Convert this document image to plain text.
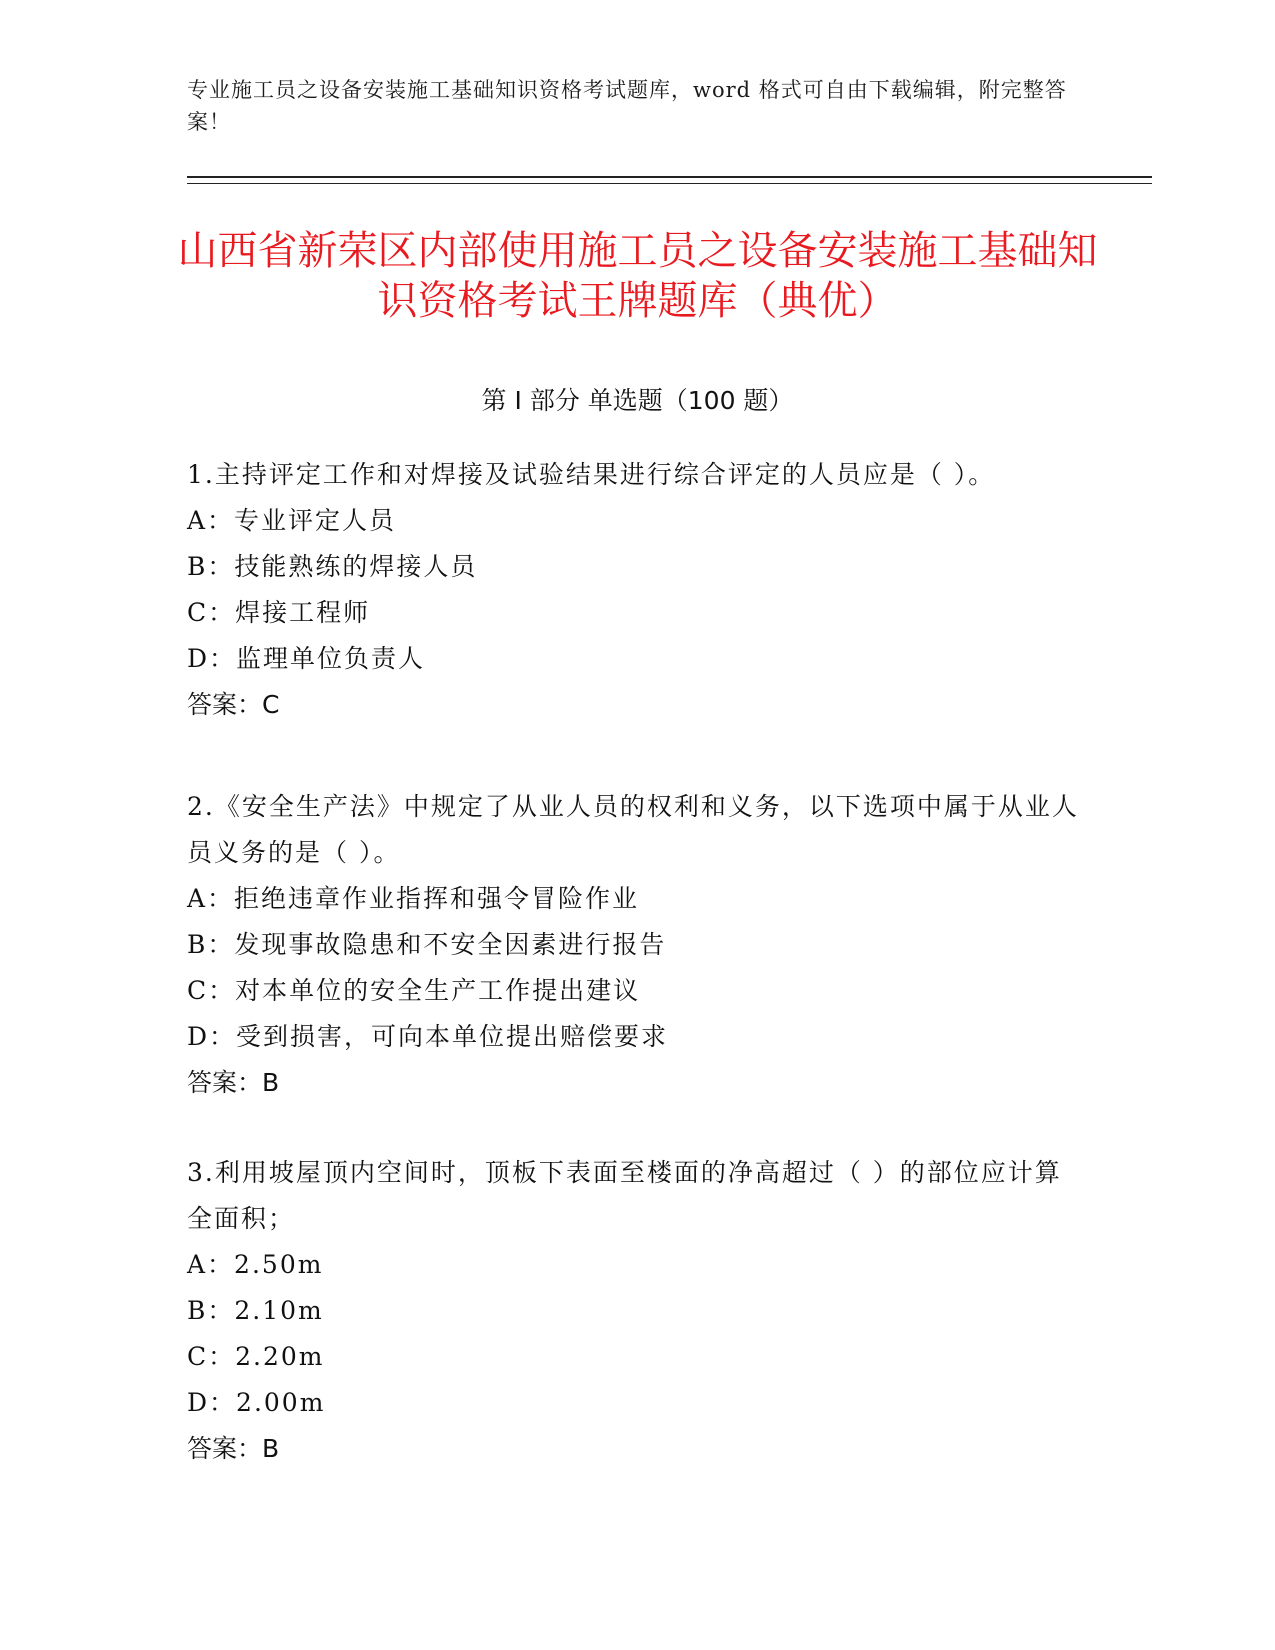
专业施工员之设备安装施工基础知识资格考试题库，word 格式可自由下载编辑，附完整答案！
山西省新荣区内部使用施工员之设备安装施工基础知识资格考试王牌题库（典优）
第 I 部分 单选题（100 题）
1.主持评定工作和对焊接及试验结果进行综合评定的人员应是（ ）。
A：专业评定人员
B：技能熟练的焊接人员
C：焊接工程师
D：监理单位负责人
答案：C
2.《安全生产法》中规定了从业人员的权利和义务，以下选项中属于从业人员义务的是（ ）。
A：拒绝违章作业指挥和强令冒险作业
B：发现事故隐患和不安全因素进行报告
C：对本单位的安全生产工作提出建议
D：受到损害，可向本单位提出赔偿要求
答案：B
3.利用坡屋顶内空间时，顶板下表面至楼面的净高超过（ ）的部位应计算全面积；
A：2.50m
B：2.10m
C：2.20m
D：2.00m
答案：B
